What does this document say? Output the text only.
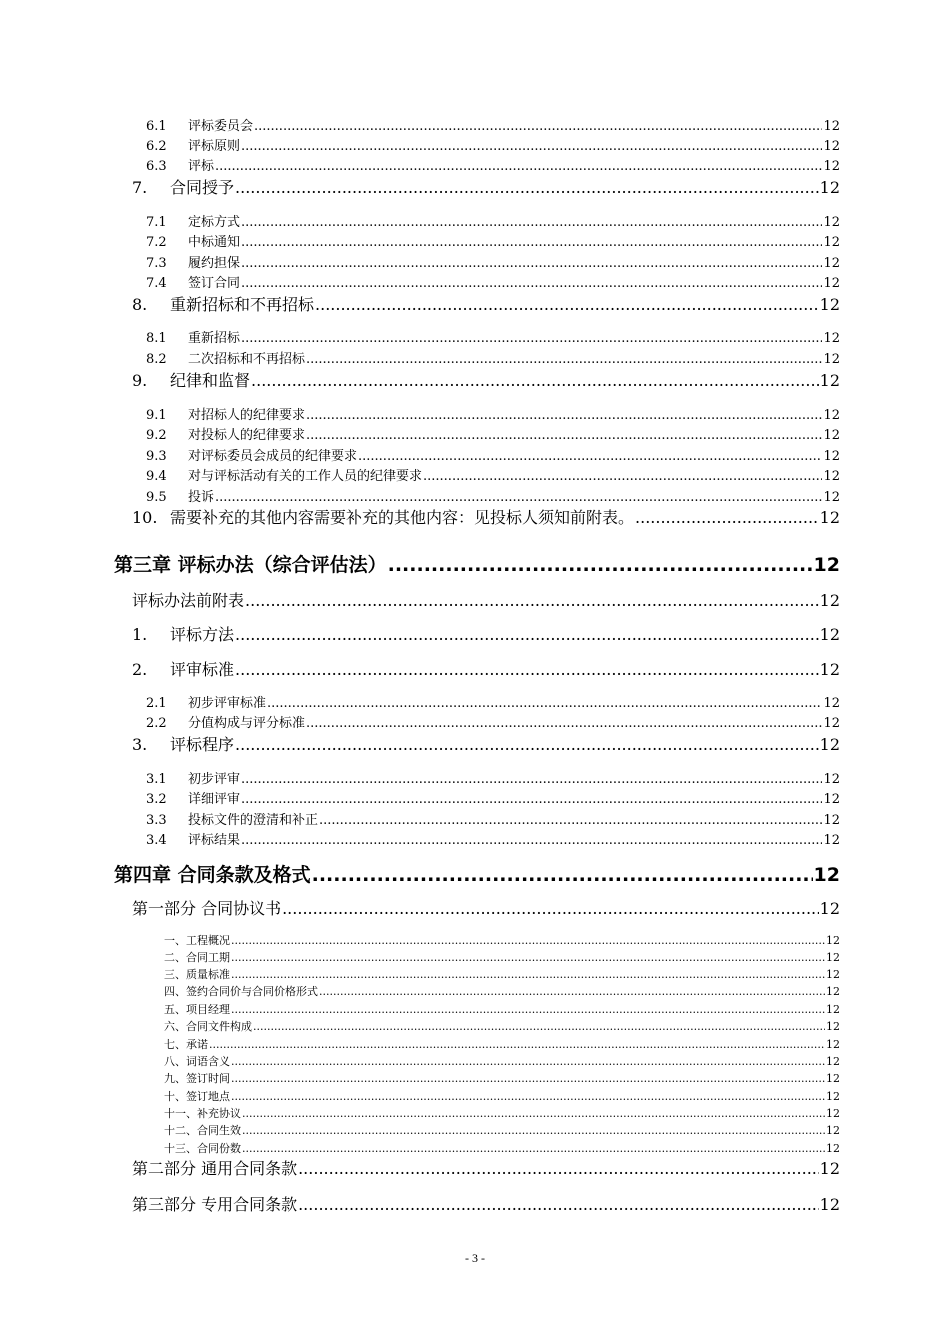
6.1 评标委员会 .....	12
6.2 评标原则 .....	12
6.3 评标 .....	12
7. 合同授予 .....	12
7.1 定标方式 .....	12
7.2 中标通知 .....	12
7.3 履约担保 .....	12
7.4 签订合同 .....	12
8. 重新招标和不再招标 .....	12
8.1 重新招标 .....	12
8.2 二次招标和不再招标 .....	12
9. 纪律和监督 .....	12
9.1 对招标人的纪律要求 .....	12
9.2 对投标人的纪律要求 .....	12
9.3 对评标委员会成员的纪律要求 .....	12
9.4 对与评标活动有关的工作人员的纪律要求 .....	12
9.5 投诉 .....	12
10. 需要补充的其他内容需要补充的其他内容：见投标人须知前附表。 .....	12
第三章 评标办法（综合评估法） .....	12
评标办法前附表 .....	12
1. 评标方法 .....	12
2. 评审标准 .....	12
2.1 初步评审标准 .....	12
2.2 分值构成与评分标准 .....	12
3. 评标程序 .....	12
3.1 初步评审 .....	12
3.2 详细评审 .....	12
3.3 投标文件的澄清和补正 .....	12
3.4 评标结果 .....	12
第四章 合同条款及格式 .....	12
第一部分 合同协议书 .....	12
一、工程概况 .....	12
二、合同工期 .....	12
三、质量标准 .....	12
四、签约合同价与合同价格形式 .....	12
五、项目经理 .....	12
六、合同文件构成 .....	12
七、承诺 .....	12
八、词语含义 .....	12
九、签订时间 .....	12
十、签订地点 .....	12
十一、补充协议 .....	12
十二、合同生效 .....	12
十三、合同份数 .....	12
第二部分 通用合同条款 .....	12
第三部分 专用合同条款 .....	12
- 3 -
